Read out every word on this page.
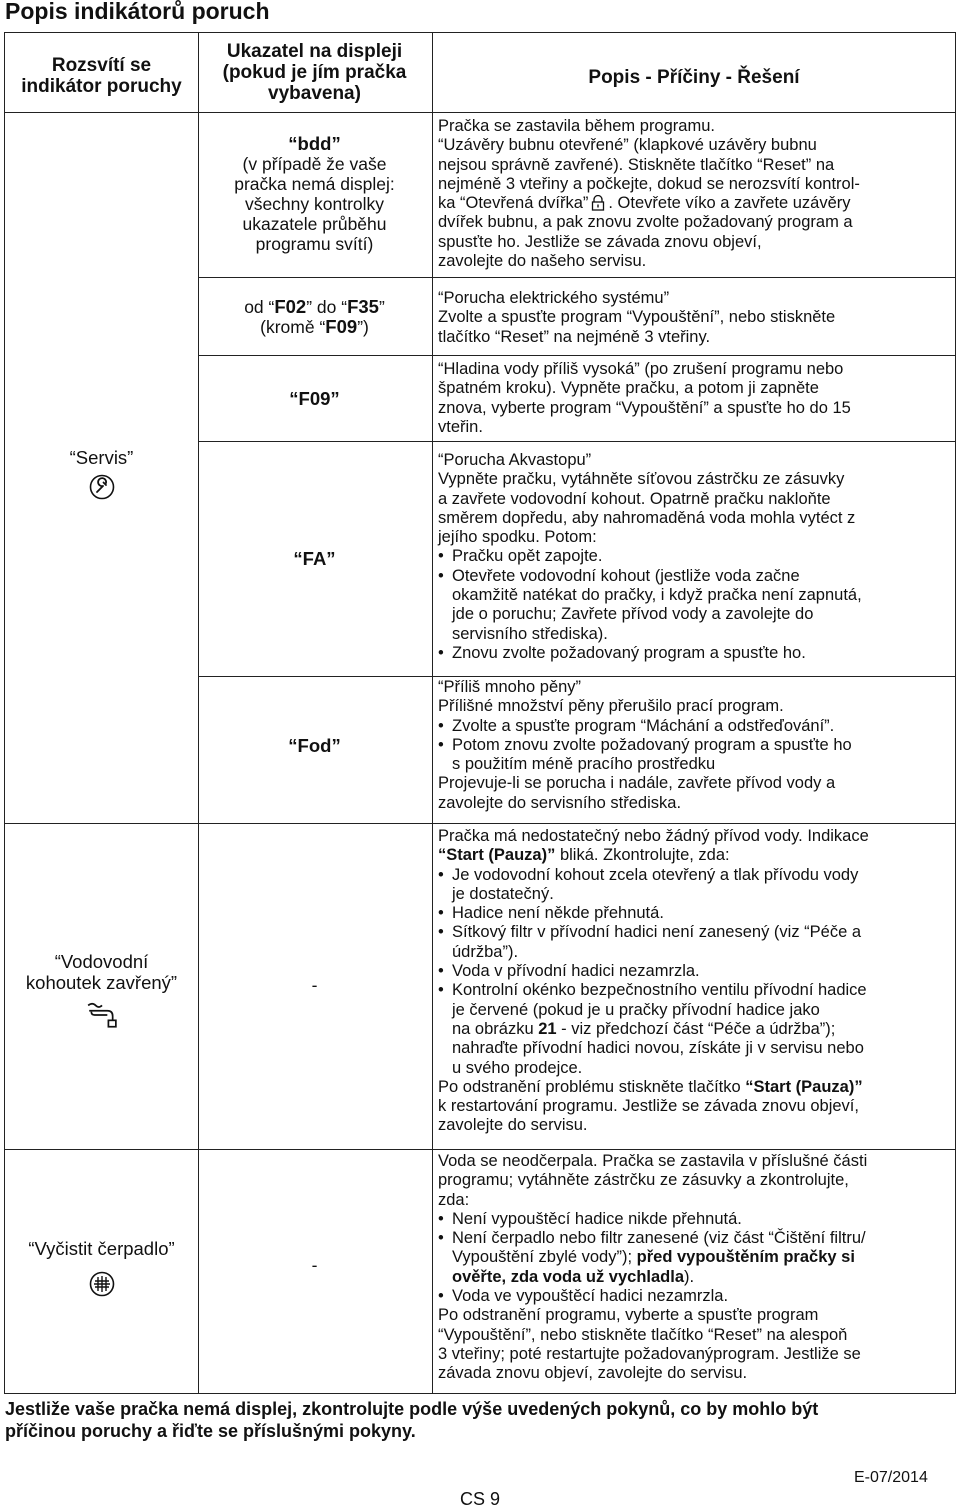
Popis indikátorů poruch
Rozsvítí se
indikátor poruchy
Ukazatel na displeji
(pokud je jím pračka
vybavena)
Popis - Příčiny - Řešení
“Servis”
“Vodovodní
kohoutek zavřený”
“Vyčistit čerpadlo”
“bdd”
(v případě že vaše
pračka nemá displej:
všechny kontrolky
ukazatele průběhu
programu svítí)
od “F02” do “F35”
(kromě “F09”)
“F09”
“FA”
“Fod”
-
-
Pračka se zastavila během programu.
“Uzávěry bubnu otevřené” (klapkové uzávěry bubnu
nejsou správně zavřené). Stiskněte tlačítko “Reset” na
nejméně 3 vteřiny a počkejte, dokud se nerozsvítí kontrol-
ka “Otevřená dvířka” . Otevřete víko a zavřete uzávěry
dvířek bubnu, a pak znovu zvolte požadovaný program a
spusťte ho. Jestliže se závada znovu objeví,
zavolejte do našeho servisu.
“Porucha elektrického systému”
Zvolte a spusťte program “Vypouštění”, nebo stiskněte
tlačítko “Reset” na nejméně 3 vteřiny.
“Hladina vody příliš vysoká” (po zrušení programu nebo
špatném kroku). Vypněte pračku, a potom ji zapněte
znova, vyberte program “Vypouštění” a spusťte ho do 15
vteřin.
“Porucha Akvastopu”
Vypněte pračku, vytáhněte síťovou zástrčku ze zásuvky
a zavřete vodovodní kohout. Opatrně pračku nakloňte
směrem dopředu, aby nahromaděná voda mohla vytéct z
jejího spodku. Potom:
• Pračku opět zapojte.
• Otevřete vodovodní kohout (jestliže voda začne
okamžitě natékat do pračky, i když pračka není zapnutá,
jde o poruchu; Zavřete přívod vody a zavolejte do
servisního střediska).
• Znovu zvolte požadovaný program a spusťte ho.
“Příliš mnoho pěny”
Přílišné množství pěny přerušilo prací program.
• Zvolte a spusťte program “Máchání a odstřeďování”.
• Potom znovu zvolte požadovaný program a spusťte ho
s použitím méně pracího prostředku
Projevuje-li se porucha i nadále, zavřete přívod vody a
zavolejte do servisního střediska.
Pračka má nedostatečný nebo žádný přívod vody. Indikace
“Start (Pauza)” bliká. Zkontrolujte, zda:
• Je vodovodní kohout zcela otevřený a tlak přívodu vody
je dostatečný.
• Hadice není někde přehnutá.
• Sítkový filtr v přívodní hadici není zanesený (viz “Péče a
údržba”).
• Voda v přívodní hadici nezamrzla.
• Kontrolní okénko bezpečnostního ventilu přívodní hadice
je červené (pokud je u pračky přívodní hadice jako
na obrázku 21 - viz předchozí část “Péče a údržba”);
nahraďte přívodní hadici novou, získáte ji v servisu nebo
u svého prodejce.
Po odstranění problému stiskněte tlačítko “Start (Pauza)”
k restartování programu. Jestliže se závada znovu objeví,
zavolejte do servisu.
Voda se neodčerpala. Pračka se zastavila v příslušné části
programu; vytáhněte zástrčku ze zásuvky a zkontrolujte,
zda:
• Není vypouštěcí hadice nikde přehnutá.
• Není čerpadlo nebo filtr zanesené (viz část “Čištění filtru/
Vypouštění zbylé vody”); před vypouštěním pračky si
ověřte, zda voda už vychladla).
• Voda ve vypouštěcí hadici nezamrzla.
Po odstranění programu, vyberte a spusťte program
“Vypouštění”, nebo stiskněte tlačítko “Reset” na alespoň
3 vteřiny; poté restartujte požadovanýprogram. Jestliže se
závada znovu objeví, zavolejte do servisu.
Jestliže vaše pračka nemá displej, zkontrolujte podle výše uvedených pokynů, co by mohlo být
příčinou poruchy a řiďte se příslušnými pokyny.
CS 9
E-07/2014
